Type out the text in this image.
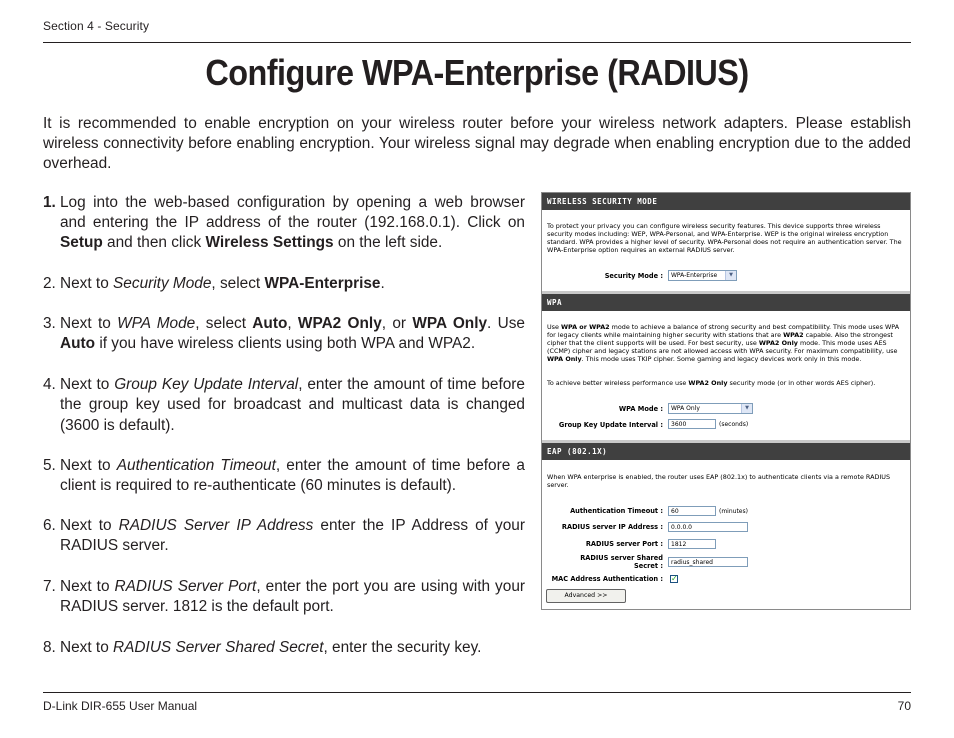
Section 4 - Security
Configure WPA-Enterprise (RADIUS)
It is recommended to enable encryption on your wireless router before your wireless network adapters. Please establish wireless connectivity before enabling encryption. Your wireless signal may degrade when enabling encryption due to the added overhead.
1. Log into the web-based configuration by opening a web browser and entering the IP address of the router (192.168.0.1). Click on Setup and then click Wireless Settings on the left side.
2. Next to Security Mode, select WPA-Enterprise.
3. Next to WPA Mode, select Auto, WPA2 Only, or WPA Only. Use Auto if you have wireless clients using both WPA and WPA2.
4. Next to Group Key Update Interval, enter the amount of time before the group key used for broadcast and multicast data is changed (3600 is default).
5. Next to Authentication Timeout, enter the amount of time before a client is required to re-authenticate (60 minutes is default).
6. Next to RADIUS Server IP Address enter the IP Address of your RADIUS server.
7. Next to RADIUS Server Port, enter the port you are using with your RADIUS server. 1812 is the default port.
8. Next to RADIUS Server Shared Secret, enter the security key.
WIRELESS SECURITY MODE
To protect your privacy you can configure wireless security features. This device supports three wireless security modes including: WEP, WPA-Personal, and WPA-Enterprise. WEP is the original wireless encryption standard. WPA provides a higher level of security. WPA-Personal does not require an authentication server. The WPA-Enterprise option requires an external RADIUS server.
Security Mode :	WPA-Enterprise	▼
WPA
Use WPA or WPA2 mode to achieve a balance of strong security and best compatibility. This mode uses WPA for legacy clients while maintaining higher security with stations that are WPA2 capable. Also the strongest cipher that the client supports will be used. For best security, use WPA2 Only mode. This mode uses AES (CCMP) cipher and legacy stations are not allowed access with WPA security. For maximum compatibility, use WPA Only. This mode uses TKIP cipher. Some gaming and legacy devices work only in this mode.
To achieve better wireless performance use WPA2 Only security mode (or in other words AES cipher).
WPA Mode :	WPA Only	▼
Group Key Update Interval :	3600	(seconds)
EAP (802.1X)
When WPA enterprise is enabled, the router uses EAP (802.1x) to authenticate clients via a remote RADIUS server.
Authentication Timeout :	60	(minutes)
RADIUS server IP Address :	0.0.0.0
RADIUS server Port :	1812
RADIUS server Shared
Secret :	radius_shared
MAC Address Authentication : ✓
Advanced >>
D-Link DIR-655 User Manual	70
